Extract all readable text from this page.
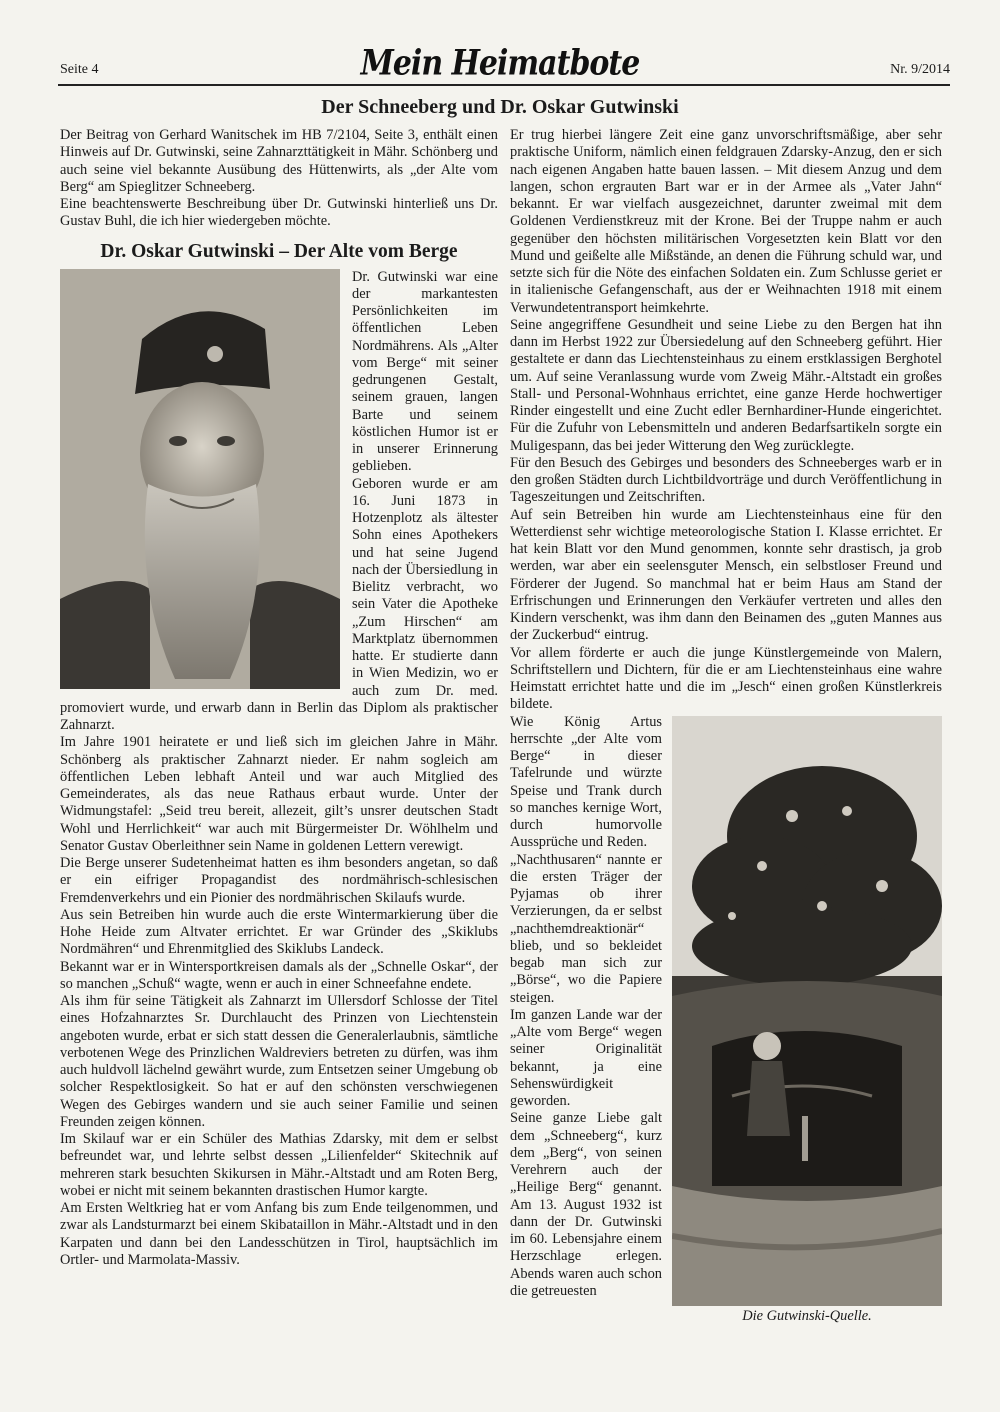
Seite 4	Mein Heimatbote	Nr. 9/2014
Der Schneeberg und Dr. Oskar Gutwinski

Der Beitrag von Gerhard Wanitschek im HB 7/2104, Seite 3, enthält einen Hinweis auf Dr. Gutwinski, seine Zahnarzttätigkeit in Mähr. Schönberg und auch seine viel bekannte Ausübung des Hüttenwirts, als „der Alte vom Berg“ am Spieglitzer Schneeberg.

Eine beachtenswerte Beschreibung über Dr. Gutwinski hinterließ uns Dr. Gustav Buhl, die ich hier wiedergeben möchte.

Dr. Oskar Gutwinski – Der Alte vom Berge

Dr. Gutwinski war eine der markantesten Persönlichkeiten im öffentlichen Leben Nordmährens. Als „Alter vom Berge“ mit seiner gedrungenen Gestalt, seinem grauen, langen Barte und seinem köstlichen Humor ist er in unserer Erinnerung geblieben.

Geboren wurde er am 16. Juni 1873 in Hotzenplotz als ältester Sohn eines Apothekers und hat seine Jugend nach der Übersiedlung in Bielitz verbracht, wo sein Vater die Apotheke „Zum Hirschen“ am Marktplatz übernommen hatte. Er studierte dann in Wien Medizin, wo er auch zum Dr. med. promoviert wurde, und erwarb dann in Berlin das Diplom als praktischer Zahnarzt.

Im Jahre 1901 heiratete er und ließ sich im gleichen Jahre in Mähr. Schönberg als praktischer Zahnarzt nieder. Er nahm sogleich am öffentlichen Leben lebhaft Anteil und war auch Mitglied des Gemeinderates, als das neue Rathaus erbaut wurde. Unter der Widmungstafel: „Seid treu bereit, allezeit, gilt’s unsrer deutschen Stadt Wohl und Herrlichkeit“ war auch mit Bürgermeister Dr. Wöhlhelm und Senator Gustav Oberleithner sein Name in goldenen Lettern verewigt.

Die Berge unserer Sudetenheimat hatten es ihm besonders angetan, so daß er ein eifriger Propagandist des nordmährisch-schlesischen Fremdenverkehrs und ein Pionier des nordmährischen Skilaufs wurde.

Aus sein Betreiben hin wurde auch die erste Wintermarkierung über die Hohe Heide zum Altvater errichtet. Er war Gründer des „Skiklubs Nordmähren“ und Ehrenmitglied des Skiklubs Landeck.

Bekannt war er in Wintersportkreisen damals als der „Schnelle Oskar“, der so manchen „Schuß“ wagte, wenn er auch in einer Schneefahne endete.

Als ihm für seine Tätigkeit als Zahnarzt im Ullersdorf Schlosse der Titel eines Hofzahnarztes Sr. Durchlaucht des Prinzen von Liechtenstein angeboten wurde, erbat er sich statt dessen die Generalerlaubnis, sämtliche verbotenen Wege des Prinzlichen Waldreviers betreten zu dürfen, was ihm auch huldvoll lächelnd gewährt wurde, zum Entsetzen seiner Umgebung ob solcher Respektlosigkeit. So hat er auf den schönsten verschwiegenen Wegen des Gebirges wandern und sie auch seiner Familie und seinen Freunden zeigen können.

Im Skilauf war er ein Schüler des Mathias Zdarsky, mit dem er selbst befreundet war, und lehrte selbst dessen „Lilienfelder“ Skitechnik auf mehreren stark besuchten Skikursen in Mähr.-Altstadt und am Roten Berg, wobei er nicht mit seinem bekannten drastischen Humor kargte.

Am Ersten Weltkrieg hat er vom Anfang bis zum Ende teilgenommen, und zwar als Landsturmarzt bei einem Skibataillon in Mähr.-Altstadt und in den Karpaten und dann bei den Landesschützen in Tirol, hauptsächlich im Ortler- und Marmolata-Massiv.

Er trug hierbei längere Zeit eine ganz unvorschriftsmäßige, aber sehr praktische Uniform, nämlich einen feldgrauen Zdarsky-Anzug, den er sich nach eigenen Angaben hatte bauen lassen. – Mit diesem Anzug und dem langen, schon ergrauten Bart war er in der Armee als „Vater Jahn“ bekannt. Er war vielfach ausgezeichnet, darunter zweimal mit dem Goldenen Verdienstkreuz mit der Krone. Bei der Truppe nahm er auch gegenüber den höchsten militärischen Vorgesetzten kein Blatt vor den Mund und geißelte alle Mißstände, an denen die Führung schuld war, und setzte sich für die Nöte des einfachen Soldaten ein. Zum Schlusse geriet er in italienische Gefangenschaft, aus der er Weihnachten 1918 mit einem Verwundetentransport heimkehrte.

Seine angegriffene Gesundheit und seine Liebe zu den Bergen hat ihn dann im Herbst 1922 zur Übersiedelung auf den Schneeberg geführt. Hier gestaltete er dann das Liechtensteinhaus zu einem erstklassigen Berghotel um. Auf seine Veranlassung wurde vom Zweig Mähr.-Altstadt ein großes Stall- und Personal-Wohnhaus errichtet, eine ganze Herde hochwertiger Rinder eingestellt und eine Zucht edler Bernhardiner-Hunde eingerichtet. Für die Zufuhr von Lebensmitteln und anderen Bedarfsartikeln sorgte ein Muligespann, das bei jeder Witterung den Weg zurücklegte.

Für den Besuch des Gebirges und besonders des Schneeberges warb er in den großen Städten durch Lichtbildvorträge und durch Veröffentlichung in Tageszeitungen und Zeitschriften.

Auf sein Betreiben hin wurde am Liechtensteinhaus eine für den Wetterdienst sehr wichtige meteorologische Station I. Klasse errichtet. Er hat kein Blatt vor den Mund genommen, konnte sehr drastisch, ja grob werden, war aber ein seelensguter Mensch, ein selbstloser Freund und Förderer der Jugend. So manchmal hat er beim Haus am Stand der Erfrischungen und Erinnerungen den Verkäufer vertreten und alles den Kindern verschenkt, was ihm dann den Beinamen des „guten Mannes aus der Zuckerbud“ eintrug.

Vor allem förderte er auch die junge Künstlergemeinde von Malern, Schriftstellern und Dichtern, für die er am Liechtensteinhaus eine wahre Heimstatt errichtet hatte und die im „Jesch“ einen großen Künstlerkreis bildete.

Die Gutwinski-Quelle.

Wie König Artus herrschte „der Alte vom Berge“ in dieser Tafelrunde und würzte Speise und Trank durch so manches kernige Wort, durch humorvolle Aussprüche und Reden.

„Nachthusaren“ nannte er die ersten Träger der Pyjamas ob ihrer Verzierungen, da er selbst „nachthemdreaktionär“ blieb, und so bekleidet begab man sich zur „Börse“, wo die Papiere steigen.

Im ganzen Lande war der „Alte vom Berge“ wegen seiner Originalität bekannt, ja eine Sehenswürdigkeit geworden.

Seine ganze Liebe galt dem „Schneeberg“, kurz dem „Berg“, von seinen Verehrern auch der „Heilige Berg“ genannt. Am 13. August 1932 ist dann der Dr. Gutwinski im 60. Lebensjahre einem Herzschlage erlegen. Abends waren auch schon die getreuesten
